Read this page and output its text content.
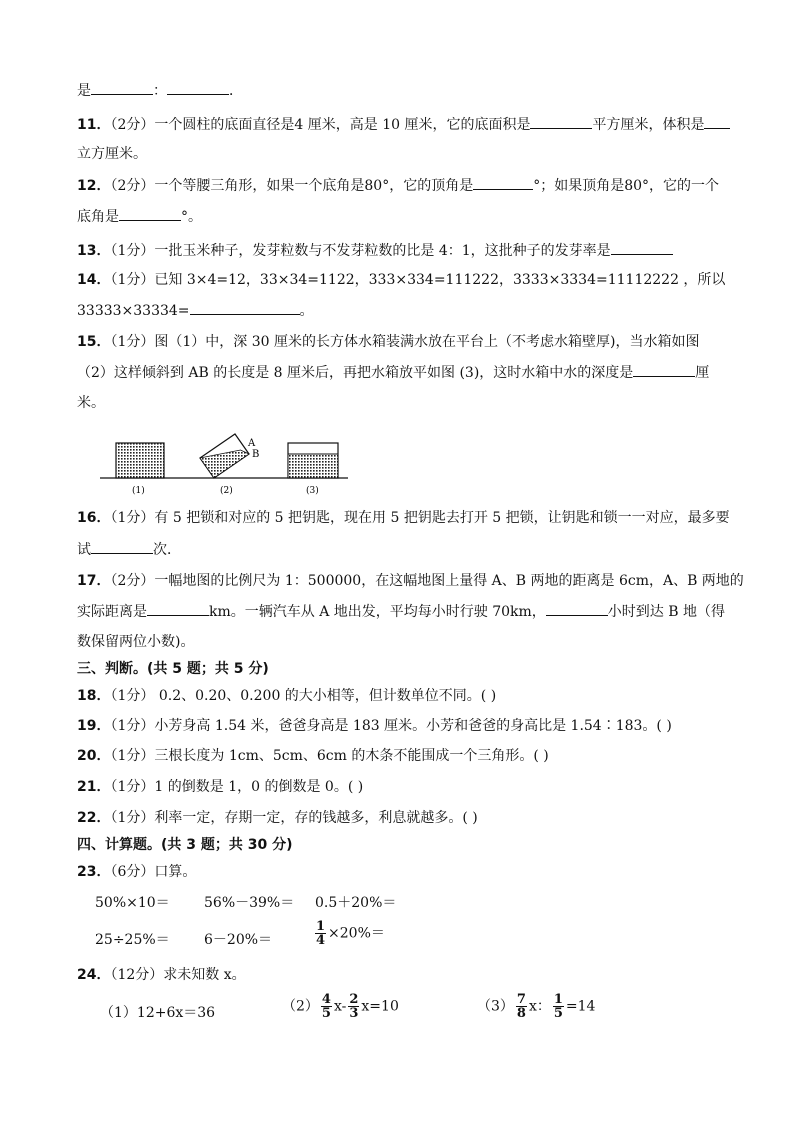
是	：	．
11．（2分）一个圆柱的底面直径是4 厘米，高是 10 厘米，它的底面积是	平方厘米，体积是
立方厘米。
12．（2分）一个等腰三角形，如果一个底角是80°，它的顶角是	°；如果顶角是80°，它的一个
底角是	°。
13．（1分）一批玉米种子，发芽粒数与不发芽粒数的比是 4：1，这批种子的发芽率是
14．（1分）已知 3×4=12，33×34=1122，333×334=111222，3333×3334=11112222 ，所以
33333×33334=	。
15．（1分）图（1）中，深 30 厘米的长方体水箱装满水放在平台上（不考虑水箱壁厚)，当水箱如图
（2）这样倾斜到 AB 的长度是 8 厘米后，再把水箱放平如图 (3)，这时水箱中水的深度是	厘
米。
A
B
(1)	(2)	(3)
16．（1分）有 5 把锁和对应的 5 把钥匙，现在用 5 把钥匙去打开 5 把锁，让钥匙和锁一一对应，最多要
试	次．
17．（2分）一幅地图的比例尺为 1：500000，在这幅地图上量得 A、B 两地的距离是 6cm，A、B 两地的
实际距离是	km。一辆汽车从 A 地出发，平均每小时行驶 70km，	小时到达 B 地（得
数保留两位小数)。
三、判断。(共 5 题；共 5 分)
18．（1分） 0.2、0.20、0.200 的大小相等，但计数单位不同。( )
19．（1分）小芳身高 1.54 米，爸爸身高是 183 厘米。小芳和爸爸的身高比是 1.54∶183。( )
20．（1分）三根长度为 1cm、5cm、6cm 的木条不能围成一个三角形。( )
21．（1分）1 的倒数是 1，0 的倒数是 0。( )
22．（1分）利率一定，存期一定，存的钱越多，利息就越多。( )
四、计算题。(共 3 题；共 30 分)
23．（6分）口算。
50%×10＝ 56%－39%＝ 0.5＋20%＝
25÷25%＝ 6－20%＝	$\frac{1}{4} \times 20\%=$
24．（12分）求未知数 x。
（1）12+6x＝36	$(2) \frac{4}{5} x- \frac{2}{3} x=10$	$(3) \frac{7}{8}$ x： $\frac{1}{5} =14$
